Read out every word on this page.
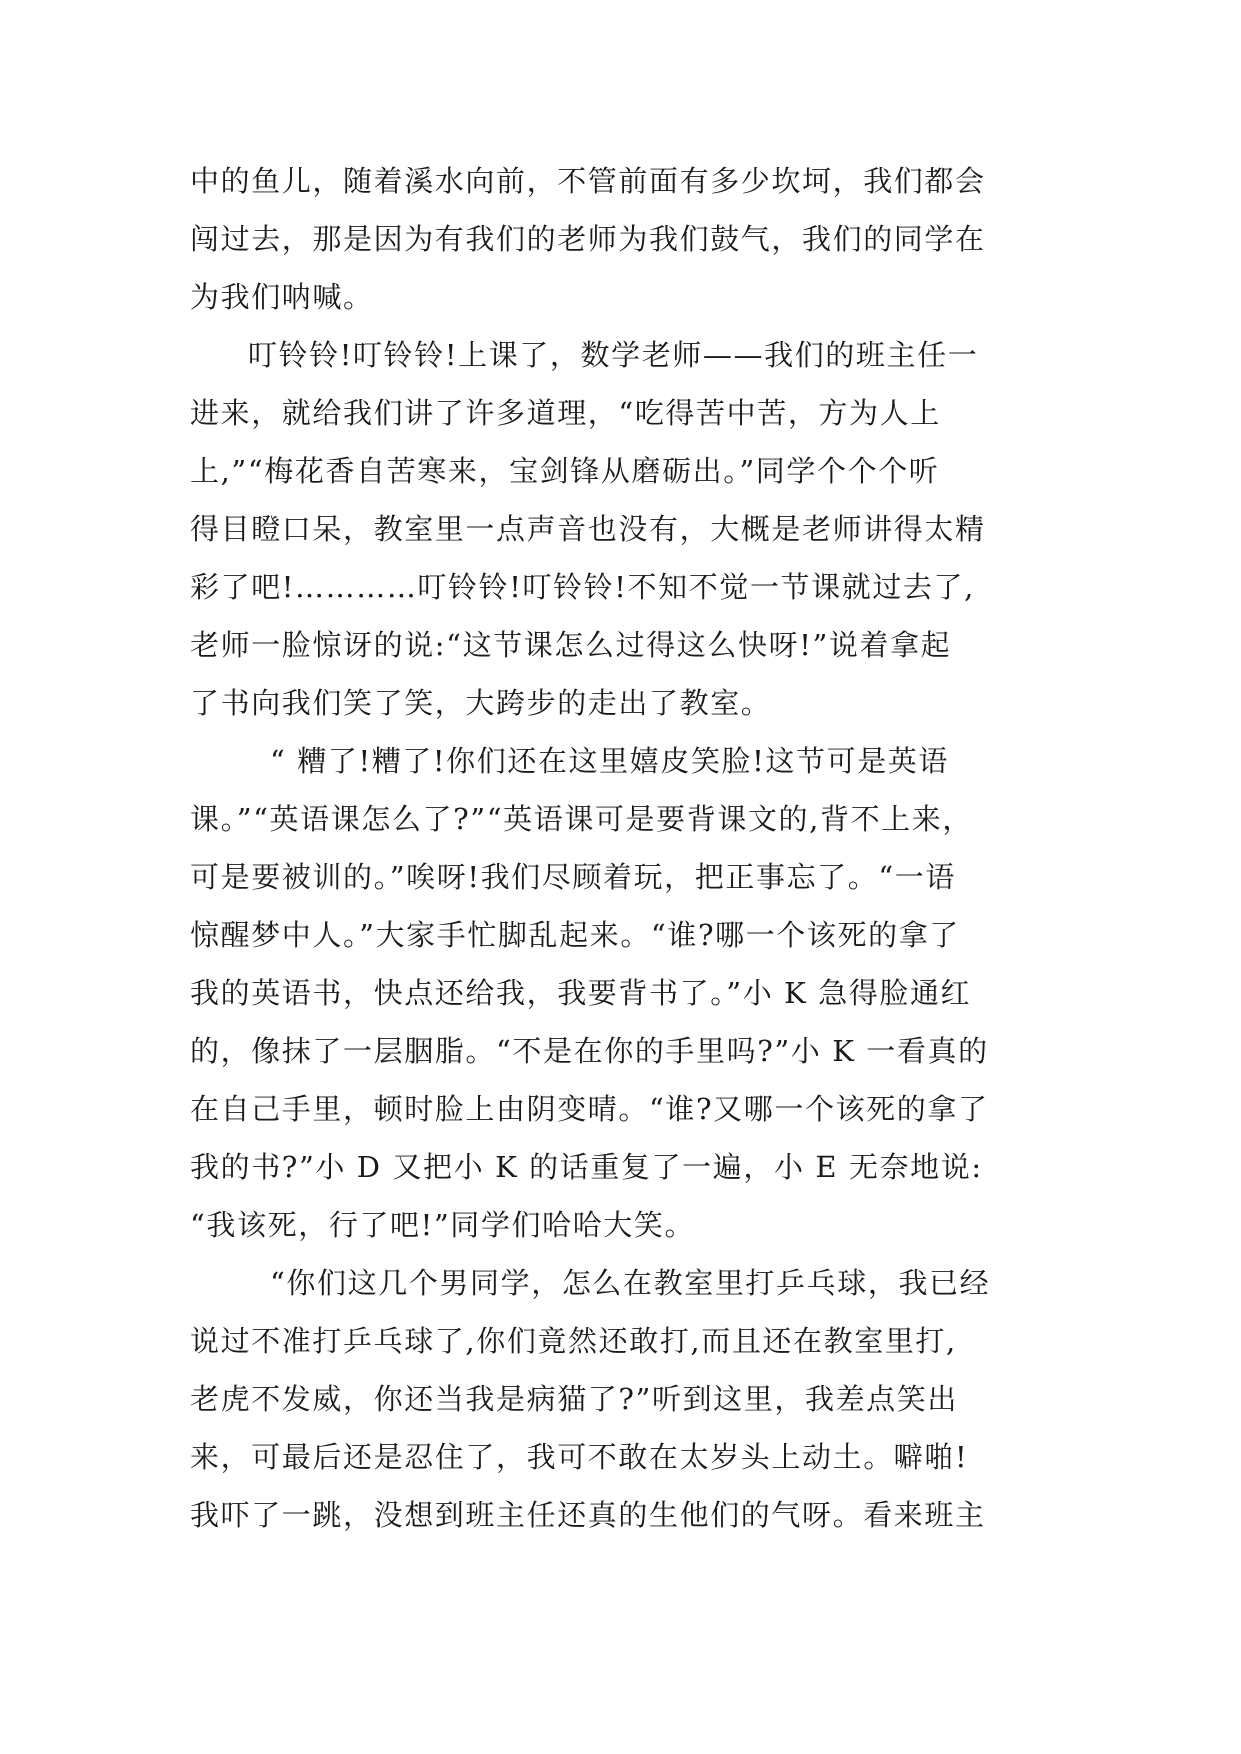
中的鱼儿，随着溪水向前，不管前面有多少坎坷，我们都会
闯过去，那是因为有我们的老师为我们鼓气，我们的同学在
为我们呐喊。
叮铃铃!叮铃铃!上课了，数学老师——我们的班主任一
进来，就给我们讲了许多道理，“吃得苦中苦，方为人上
上,”“梅花香自苦寒来，宝剑锋从磨砺出。”同学个个个听
得目瞪口呆，教室里一点声音也没有，大概是老师讲得太精
彩了吧!…………叮铃铃!叮铃铃!不知不觉一节课就过去了,
老师一脸惊讶的说:“这节课怎么过得这么快呀!”说着拿起
了书向我们笑了笑，大跨步的走出了教室。
“ 糟了!糟了!你们还在这里嬉皮笑脸!这节可是英语
课。”“英语课怎么了?”“英语课可是要背课文的,背不上来，
可是要被训的。”唉呀!我们尽顾着玩，把正事忘了。“一语
惊醒梦中人。”大家手忙脚乱起来。“谁?哪一个该死的拿了
我的英语书，快点还给我，我要背书了。”小 K 急得脸通红
的，像抹了一层胭脂。“不是在你的手里吗?”小 K 一看真的
在自己手里，顿时脸上由阴变晴。“谁?又哪一个该死的拿了
我的书?”小 D 又把小 K 的话重复了一遍，小 E 无奈地说:
“我该死，行了吧!”同学们哈哈大笑。
“你们这几个男同学，怎么在教室里打乒乓球，我已经
说过不准打乒乓球了,你们竟然还敢打,而且还在教室里打,
老虎不发威，你还当我是病猫了?”听到这里，我差点笑出
来，可最后还是忍住了，我可不敢在太岁头上动土。噼啪!
我吓了一跳，没想到班主任还真的生他们的气呀。看来班主
